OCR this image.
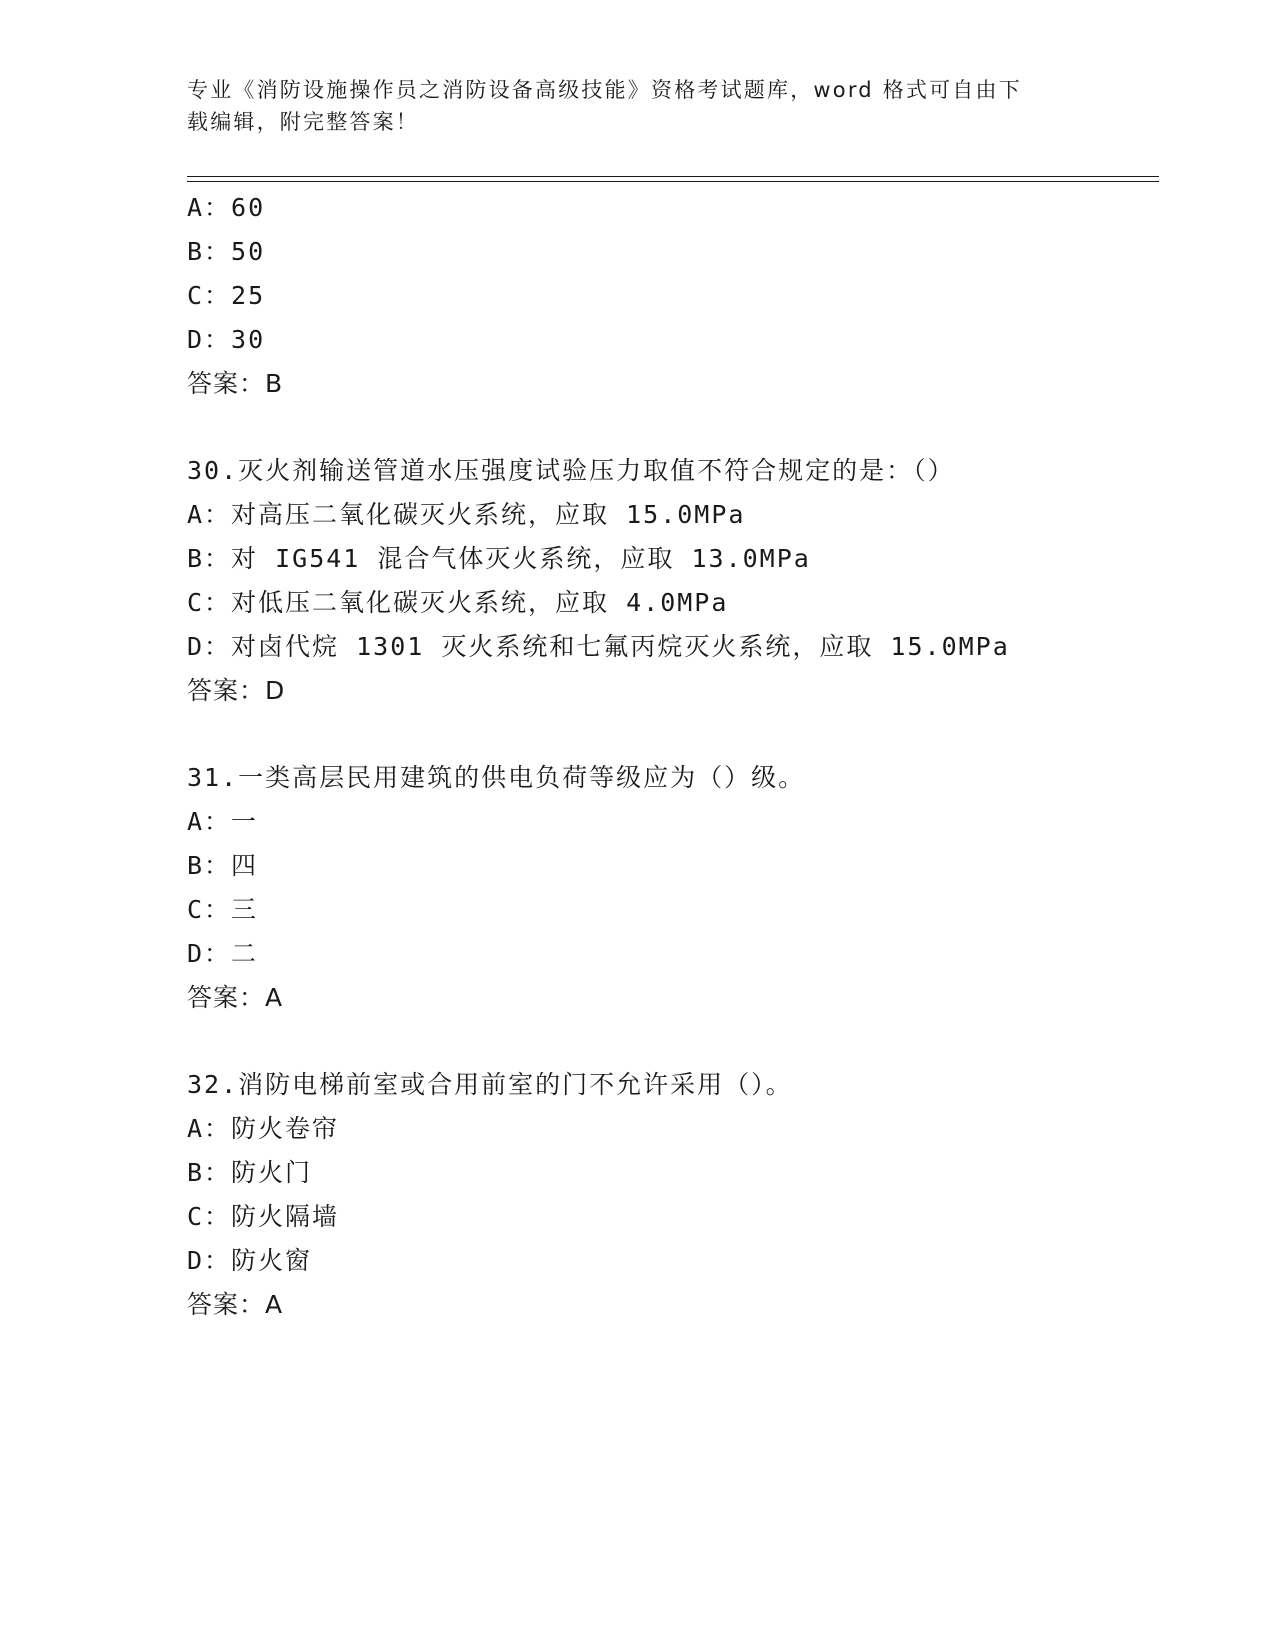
专业《消防设施操作员之消防设备高级技能》资格考试题库，word 格式可自由下
载编辑，附完整答案！
A：60
B：50
C：25
D：30
答案：B
30.灭火剂输送管道水压强度试验压力取值不符合规定的是：（）
A：对高压二氧化碳灭火系统，应取 15.0MPa
B：对 IG541 混合气体灭火系统，应取 13.0MPa
C：对低压二氧化碳灭火系统，应取 4.0MPa
D：对卤代烷 1301 灭火系统和七氟丙烷灭火系统，应取 15.0MPa
答案：D
31.一类高层民用建筑的供电负荷等级应为（）级。
A：一
B：四
C：三
D：二
答案：A
32.消防电梯前室或合用前室的门不允许采用（）。
A：防火卷帘
B：防火门
C：防火隔墙
D：防火窗
答案：A
